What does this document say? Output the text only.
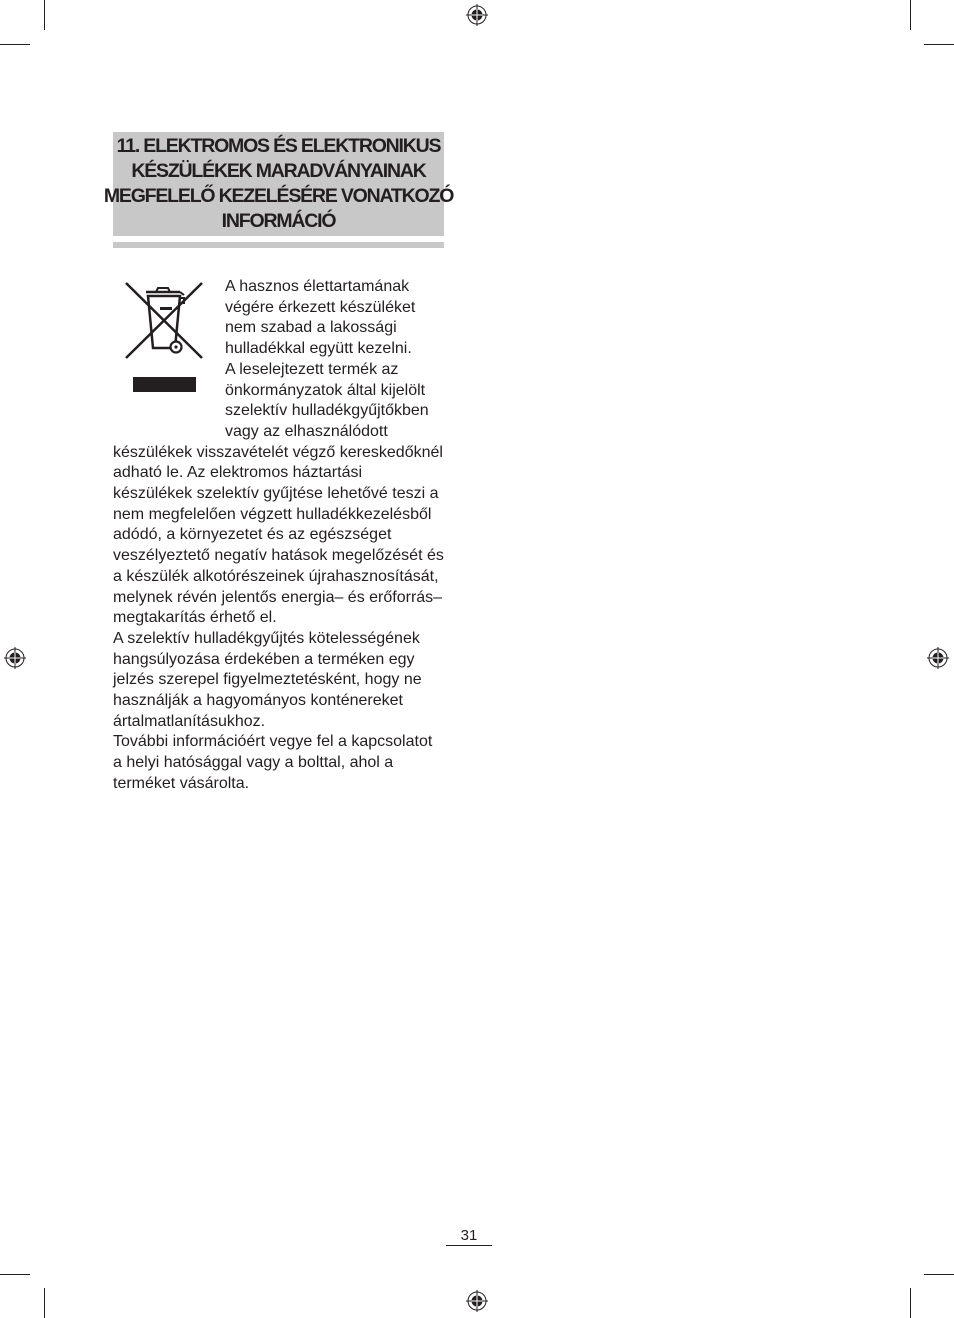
11. ELEKTROMOS ÉS ELEKTRONIKUS
KÉSZÜLÉKEK MARADVÁNYAINAK
MEGFELELŐ KEZELÉSÉRE VONATKOZÓ
INFORMÁCIÓ

A hasznos élettartamának végére érkezett készüléket nem szabad a lakossági hulladékkal együtt kezelni.

A leselejtezett termék az önkormányzatok által kijelölt szelektív hulladékgyűjtőkben vagy az elhasználódott készülékek visszavételét végző kereskedőknél adható le. Az elektromos háztartási készülékek szelektív gyűjtése lehetővé teszi a nem megfelelően végzett hulladékkezelésből adódó, a környezetet és az egészséget veszélyeztető negatív hatások megelőzését és a készülék alkotórészeinek újrahasznosítását, melynek révén jelentős energia– és erőforrás– megtakarítás érhető el.

A szelektív hulladékgyűjtés kötelességének hangsúlyozása érdekében a terméken egy jelzés szerepel figyelmeztetésként, hogy ne használják a hagyományos konténereket ártalmatlanításukhoz.

További információért vegye fel a kapcsolatot a helyi hatósággal vagy a bolttal, ahol a terméket vásárolta.

31
